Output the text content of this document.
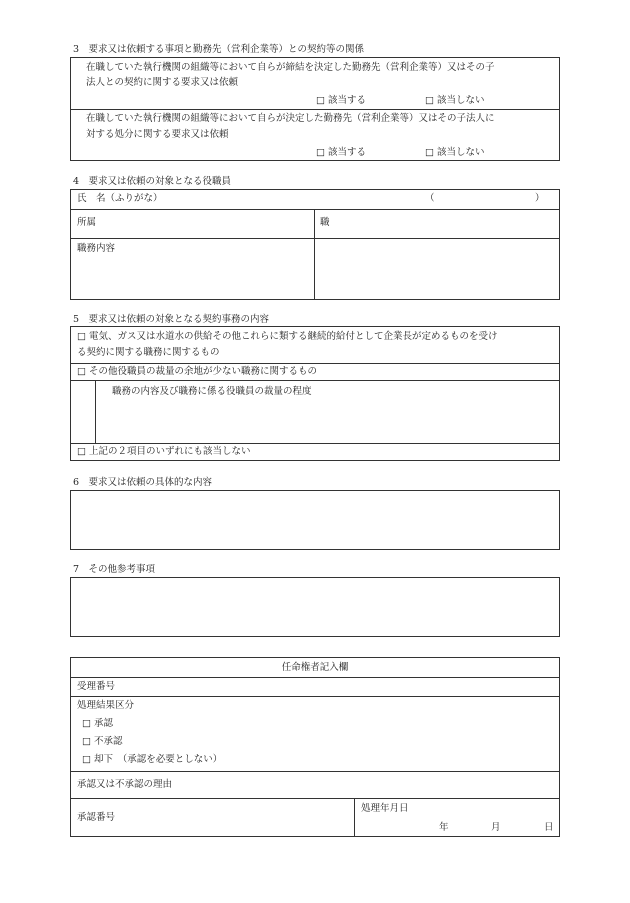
3　要求又は依頼する事項と勤務先（営利企業等）との契約等の関係
在職していた執行機関の組織等において自らが締結を決定した勤務先（営利企業等）又はその子
法人との契約に関する要求又は依頼
□ 該当する □	該当しない
在職していた執行機関の組織等において自らが決定した勤務先（営利企業等）又はその子法人に
対する処分に関する要求又は依頼
□ 該当する □	該当しない
4　要求又は依頼の対象となる役職員
氏　名（ふりがな）	（	）
所属	職
職務内容
5　要求又は依頼の対象となる契約事務の内容
□ 電気、ガス又は水道水の供給その他これらに類する継続的給付として企業長が定めるものを受け
る契約に関する職務に関するもの
□ その他役職員の裁量の余地が少ない職務に関するもの
職務の内容及び職務に係る役職員の裁量の程度
□ 上記の２項目のいずれにも該当しない
6　要求又は依頼の具体的な内容
7　その他参考事項
任命権者記入欄
受理番号
処理結果区分
□ 承認
□ 不承認
□ 却下　（承認を必要としない）
承認又は不承認の理由
承認番号
処理年月日
年	月	日
